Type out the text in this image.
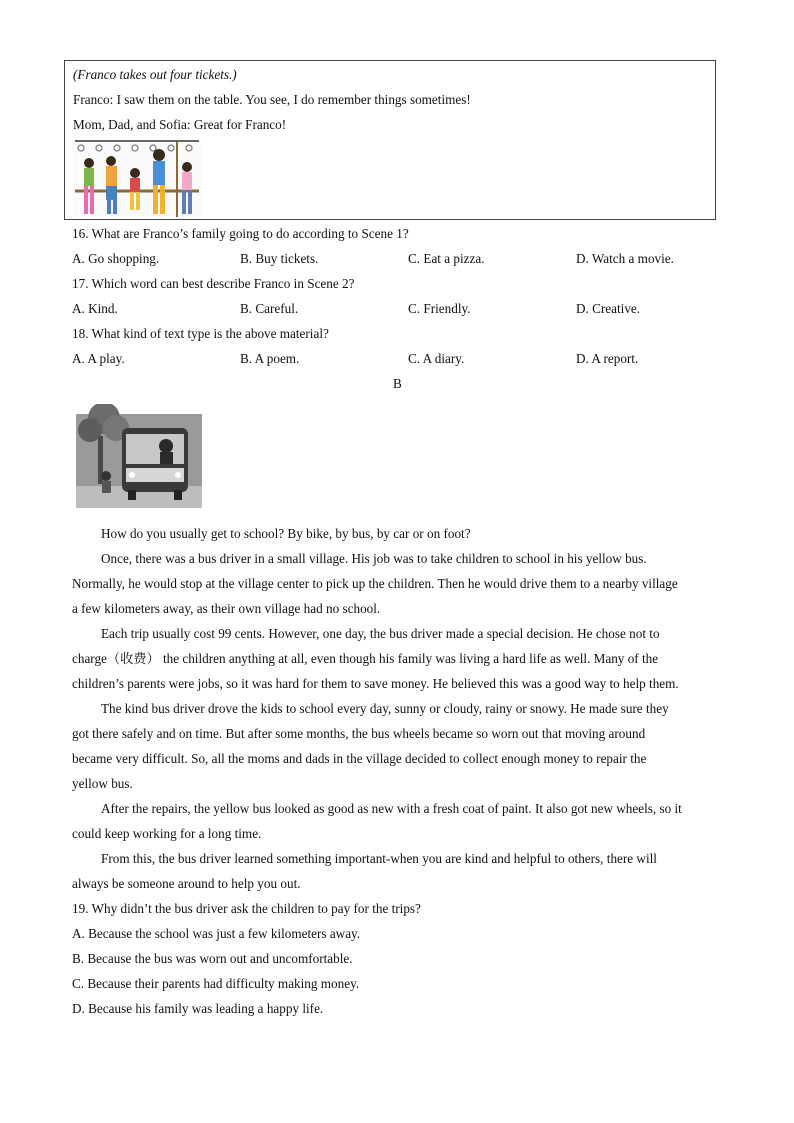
(Franco takes out four tickets.)
Franco: I saw them on the table. You see, I do remember things sometimes!
Mom, Dad, and Sofia: Great for Franco!
16. What are Franco’s family going to do according to Scene 1?
A. Go shopping.	B. Buy tickets.	C. Eat a pizza.	D. Watch a movie.
17. Which word can best describe Franco in Scene 2?
A. Kind.	B. Careful.	C. Friendly.	D. Creative.
18. What kind of text type is the above material?
A. A play.	B. A poem.	C. A diary.	D. A report.
B

How do you usually get to school? By bike, by bus, by car or on foot?

Once, there was a bus driver in a small village. His job was to take children to school in his yellow bus.

Normally, he would stop at the village center to pick up the children. Then he would drive them to a nearby village

a few kilometers away, as their own village had no school.

Each trip usually cost 99 cents. However, one day, the bus driver made a special decision. He chose not to

charge（收费） the children anything at all, even though his family was living a hard life as well. Many of the

children’s parents were jobs, so it was hard for them to save money. He believed this was a good way to help them.

The kind bus driver drove the kids to school every day, sunny or cloudy, rainy or snowy. He made sure they

got there safely and on time. But after some months, the bus wheels became so worn out that moving around

became very difficult. So, all the moms and dads in the village decided to collect enough money to repair the

yellow bus.

After the repairs, the yellow bus looked as good as new with a fresh coat of paint. It also got new wheels, so it

could keep working for a long time.

From this, the bus driver learned something important-when you are kind and helpful to others, there will

always be someone around to help you out.

19. Why didn’t the bus driver ask the children to pay for the trips?
A. Because the school was just a few kilometers away.
B. Because the bus was worn out and uncomfortable.
C. Because their parents had difficulty making money.
D. Because his family was leading a happy life.
